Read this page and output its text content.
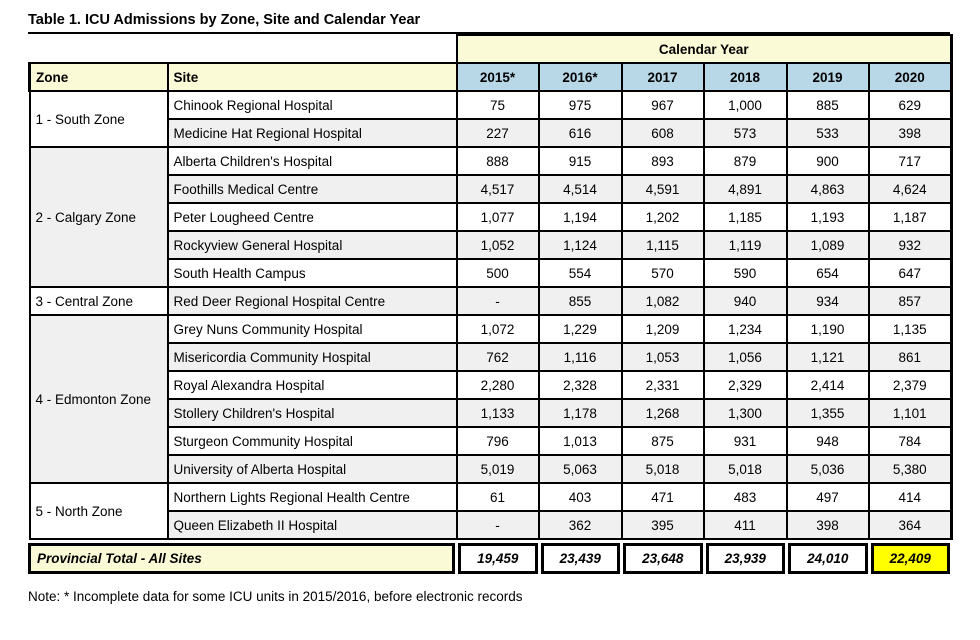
Table 1. ICU Admissions by Zone, Site and Calendar Year
		Calendar Year					
Zone	Site	2015*	2016*	2017	2018	2019	2020
1 - South Zone	Chinook Regional Hospital	75	975	967	1,000	885	629
	Medicine Hat Regional Hospital	227	616	608	573	533	398
2 - Calgary Zone	Alberta Children's Hospital	888	915	893	879	900	717
	Foothills Medical Centre	4,517	4,514	4,591	4,891	4,863	4,624
	Peter Lougheed Centre	1,077	1,194	1,202	1,185	1,193	1,187
	Rockyview General Hospital	1,052	1,124	1,115	1,119	1,089	932
	South Health Campus	500	554	570	590	654	647
3 - Central Zone	Red Deer Regional Hospital Centre	-	855	1,082	940	934	857
4 - Edmonton Zone	Grey Nuns Community Hospital	1,072	1,229	1,209	1,234	1,190	1,135
	Misericordia Community Hospital	762	1,116	1,053	1,056	1,121	861
	Royal Alexandra Hospital	2,280	2,328	2,331	2,329	2,414	2,379
	Stollery Children's Hospital	1,133	1,178	1,268	1,300	1,355	1,101
	Sturgeon Community Hospital	796	1,013	875	931	948	784
	University of Alberta Hospital	5,019	5,063	5,018	5,018	5,036	5,380
5 - North Zone	Northern Lights Regional Health Centre	61	403	471	483	497	414
	Queen Elizabeth II Hospital	-	362	395	411	398	364
Provincial Total - All Sites	19,459	23,439	23,648	23,939	24,010	22,409
Note: * Incomplete data for some ICU units in 2015/2016, before electronic records
